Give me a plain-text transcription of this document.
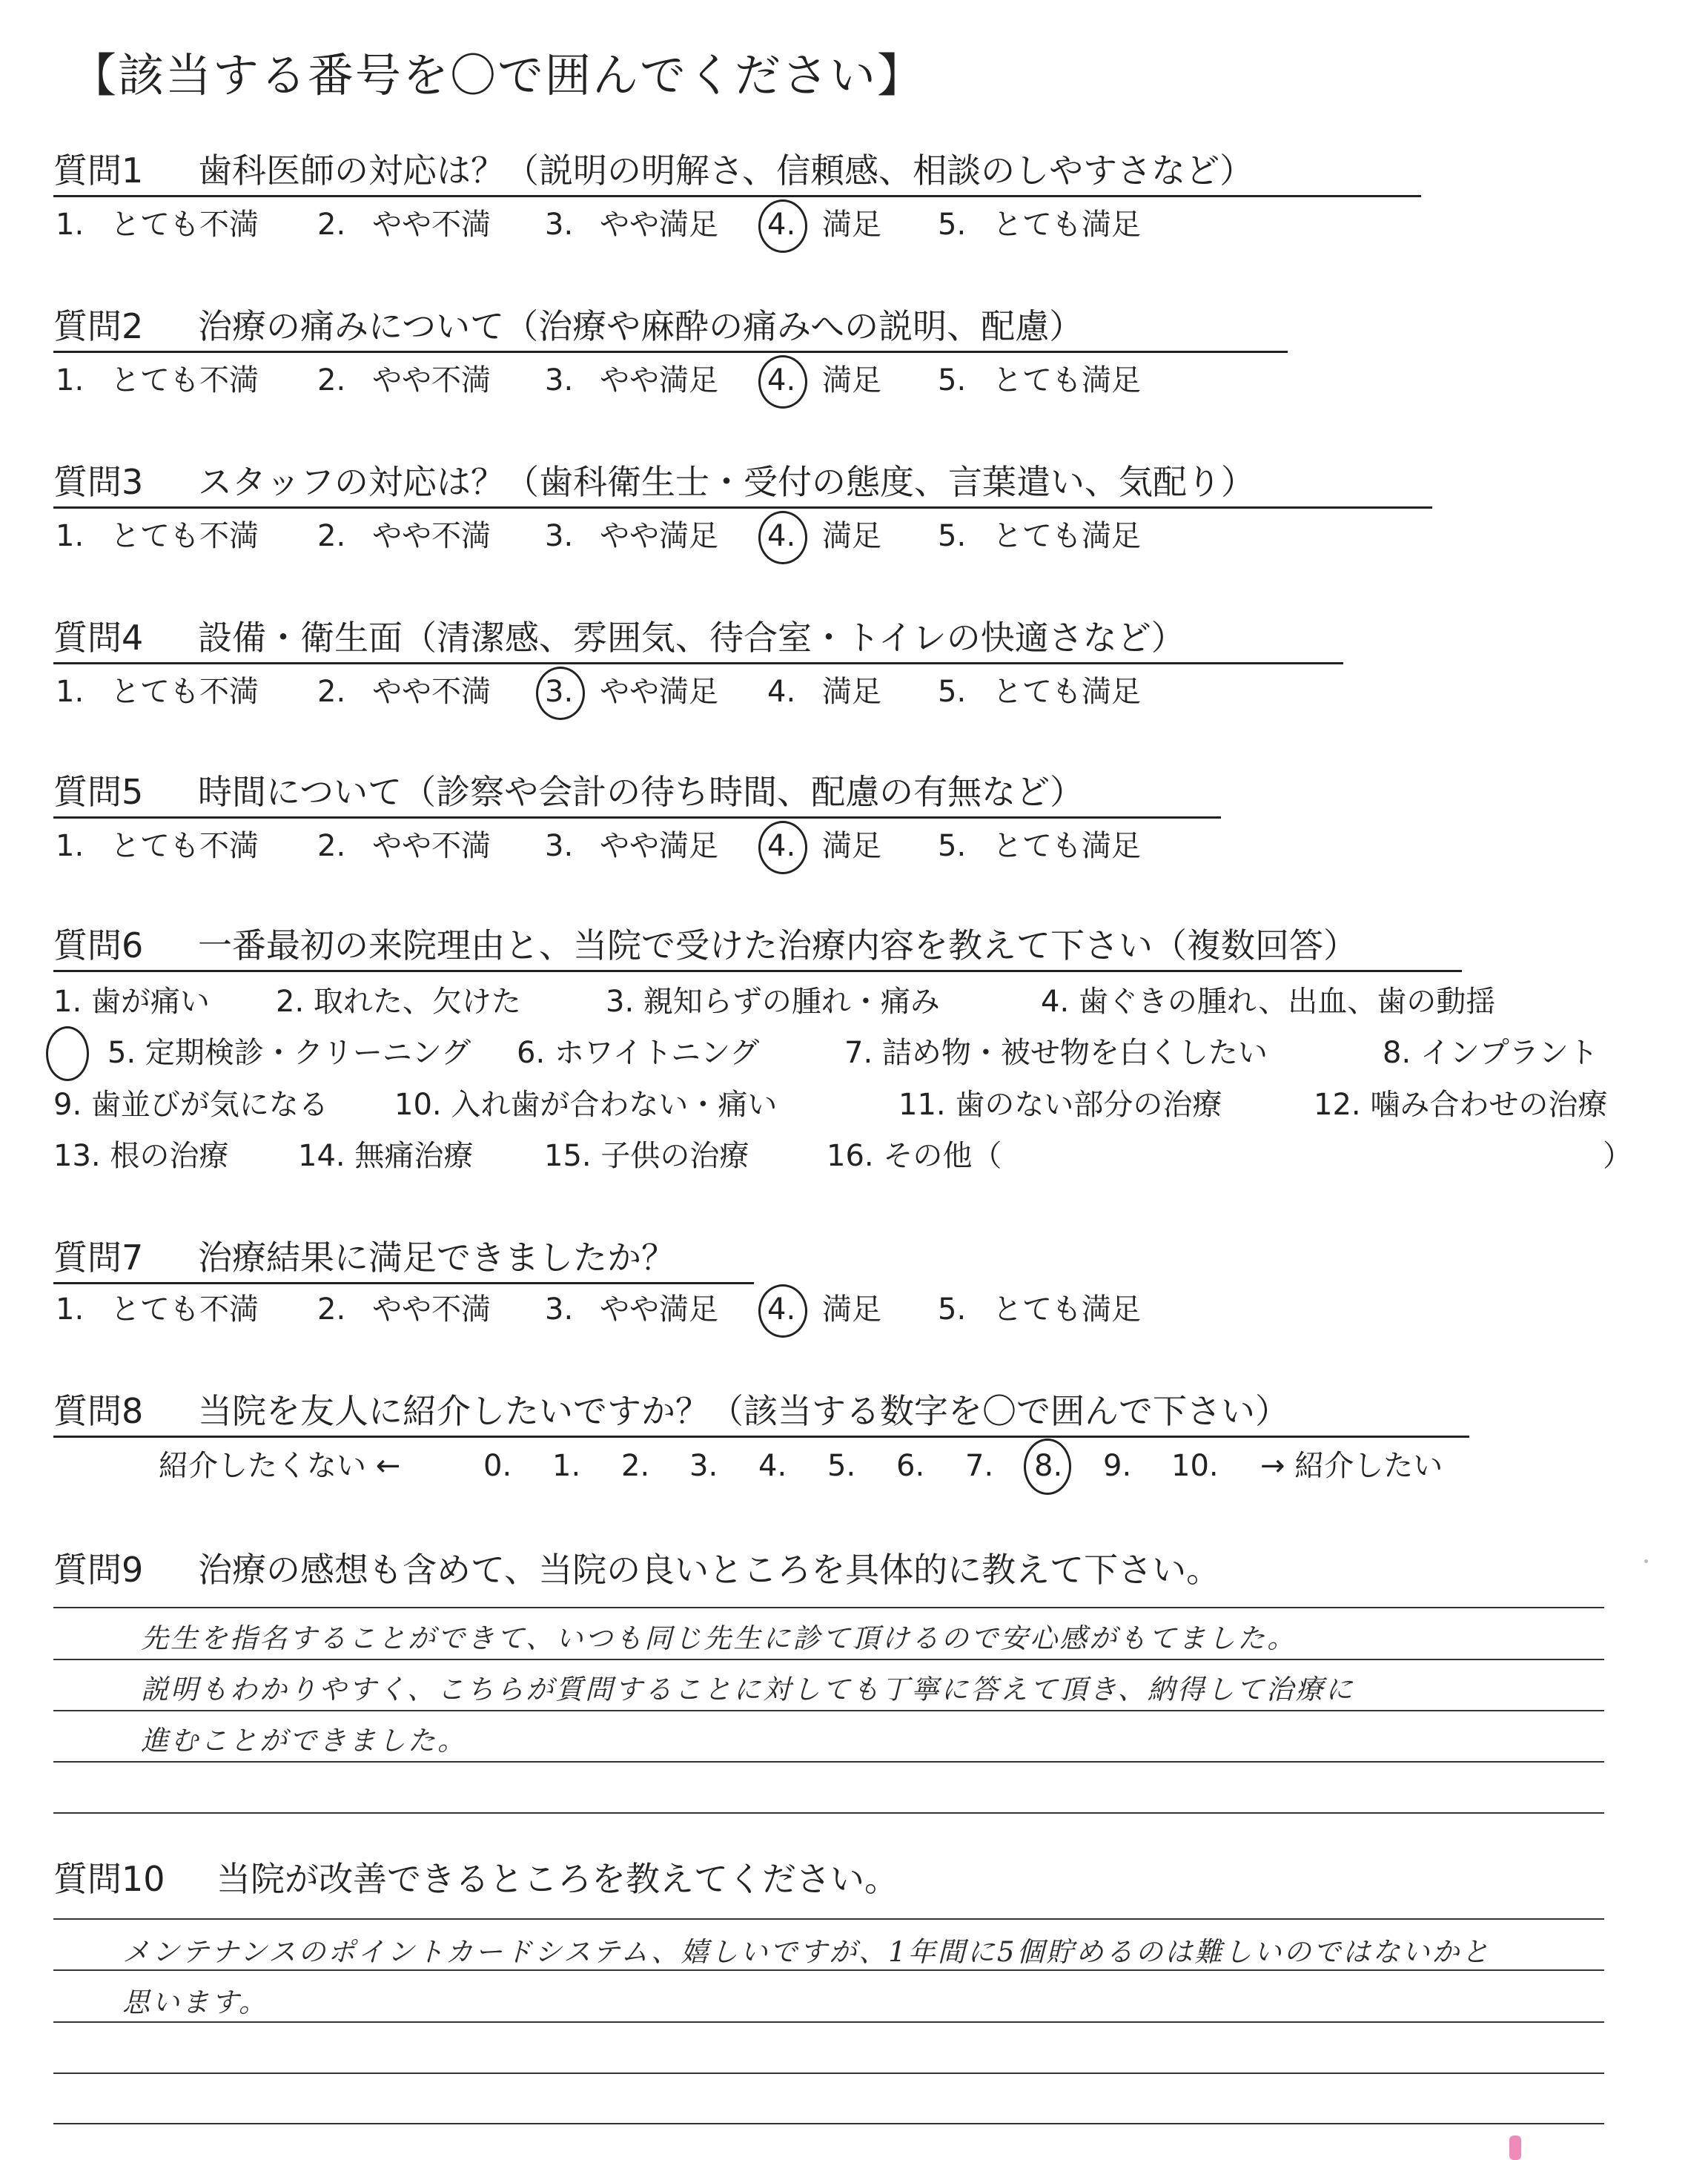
【該当する番号を〇で囲んでください】
質問1 歯科医師の対応は？（説明の明解さ、信頼感、相談のしやすさなど）
1. とても不満 2. やや不満 3. やや満足 4. 満足 5. とても満足
質問2 治療の痛みについて（治療や麻酔の痛みへの説明、配慮）
1. とても不満 2. やや不満 3. やや満足 4. 満足 5. とても満足
質問3 スタッフの対応は？（歯科衛生士・受付の態度、言葉遣い、気配り）
1. とても不満 2. やや不満 3. やや満足 4. 満足 5. とても満足
質問4 設備・衛生面（清潔感、雰囲気、待合室・トイレの快適さなど）
1. とても不満 2. やや不満 3. やや満足 4. 満足 5. とても満足
質問5 時間について（診察や会計の待ち時間、配慮の有無など）
1. とても不満 2. やや不満 3. やや満足 4. 満足 5. とても満足
質問6 一番最初の来院理由と、当院で受けた治療内容を教えて下さい（複数回答）
1. 歯が痛い 2. 取れた、欠けた	3. 親知らずの腫れ・痛み	4. 歯ぐきの腫れ、出血、歯の動揺
5. 定期検診・クリーニング 6. ホワイトニング	7. 詰め物・被せ物を白くしたい	8. インプラント
9. 歯並びが気になる 10. 入れ歯が合わない・痛い	11. 歯のない部分の治療	12. 噛み合わせの治療
13. 根の治療 14. 無痛治療 15. 子供の治療	16. その他（	）
質問7 治療結果に満足できましたか？
1. とても不満 2. やや不満 3. やや満足 4. 満足 5. とても満足
質問8 当院を友人に紹介したいですか？（該当する数字を〇で囲んで下さい）
紹介したくない ←	0. 1. 2. 3. 4. 5. 6. 7. 8. 9. 10. → 紹介したい
質問9 治療の感想も含めて、当院の良いところを具体的に教えて下さい。
先生を指名することができて、いつも同じ先生に診て頂けるので安心感がもてました。
説明もわかりやすく、こちらが質問することに対しても丁寧に答えて頂き、納得して治療に
進むことができました。
質問10 当院が改善できるところを教えてください。
メンテナンスのポイントカードシステム、嬉しいですが、1年間に5個貯めるのは難しいのではないかと
思います。
